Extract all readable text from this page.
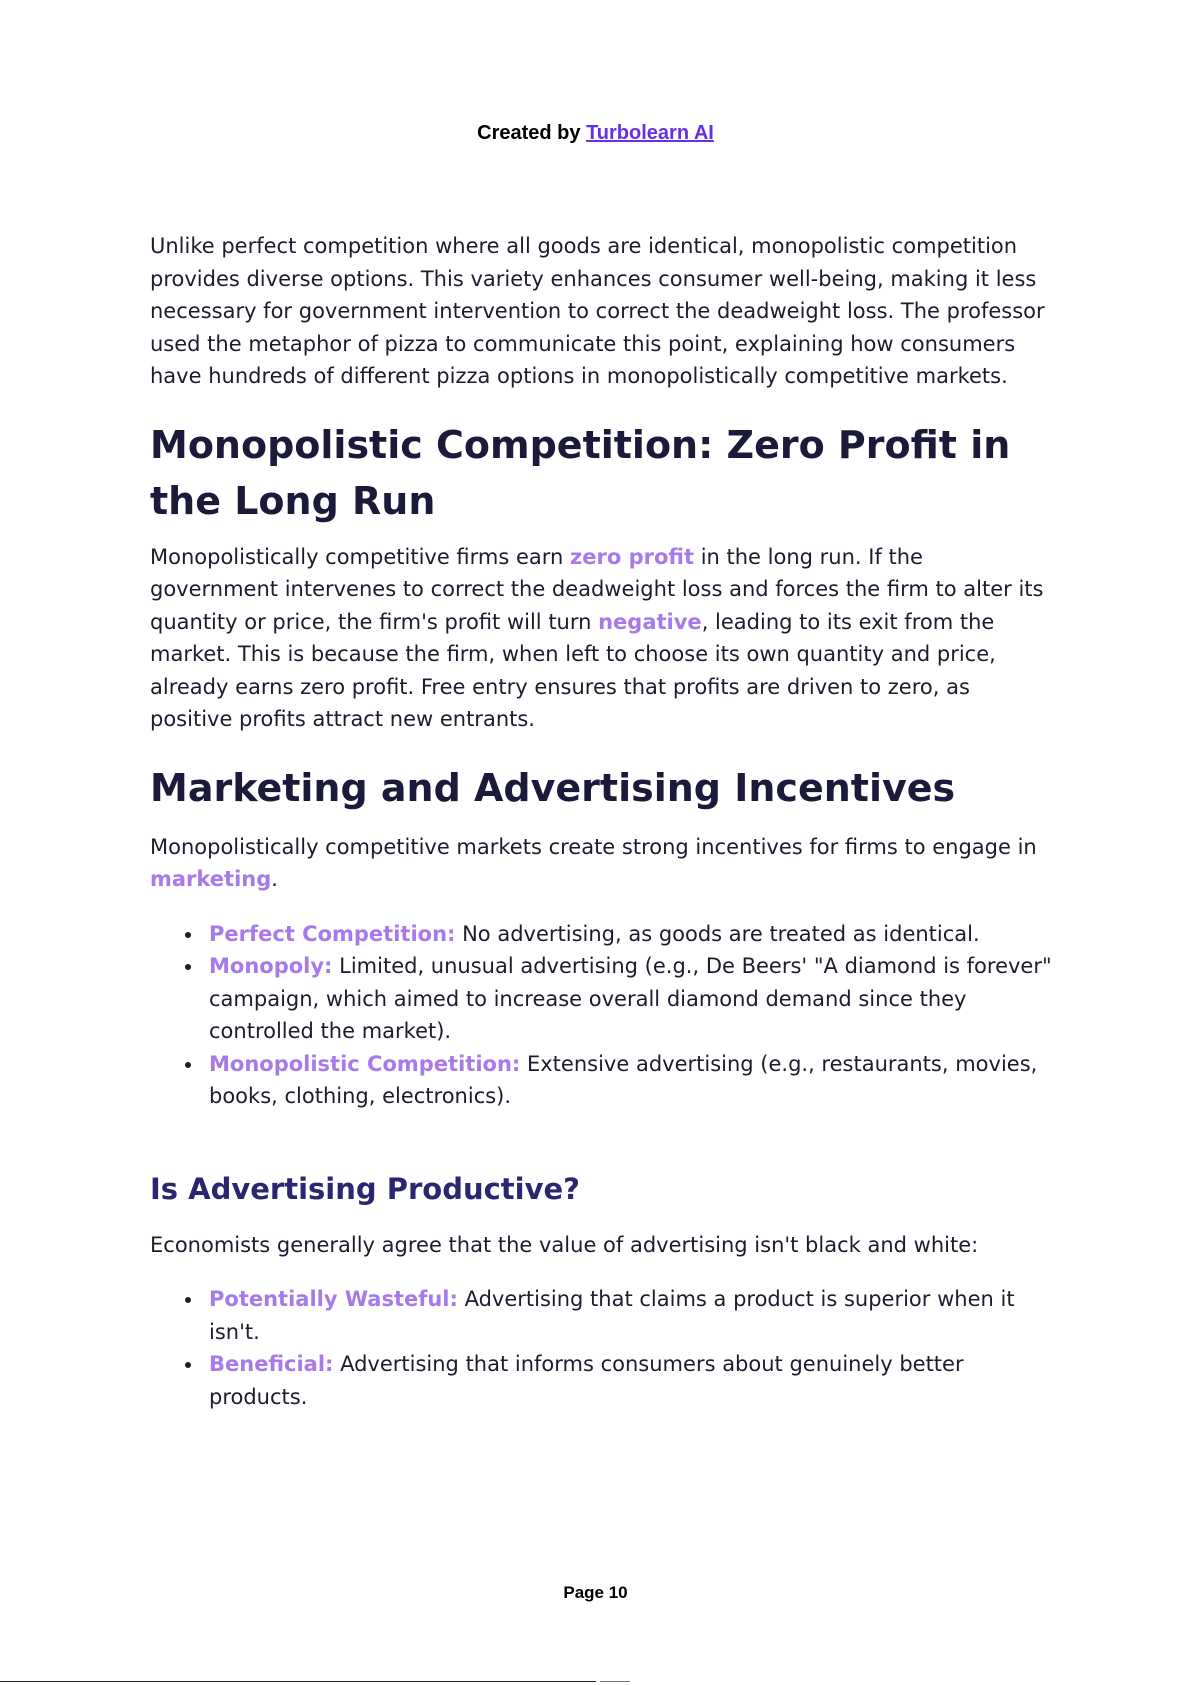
Created by Turbolearn AI

Unlike perfect competition where all goods are identical, monopolistic competition provides diverse options. This variety enhances consumer well-being, making it less necessary for government intervention to correct the deadweight loss. The professor used the metaphor of pizza to communicate this point, explaining how consumers have hundreds of different pizza options in monopolistically competitive markets.

Monopolistic Competition: Zero Profit in the Long Run

Monopolistically competitive firms earn zero profit in the long run. If the government intervenes to correct the deadweight loss and forces the firm to alter its quantity or price, the firm's profit will turn negative, leading to its exit from the market. This is because the firm, when left to choose its own quantity and price, already earns zero profit. Free entry ensures that profits are driven to zero, as positive profits attract new entrants.

Marketing and Advertising Incentives

Monopolistically competitive markets create strong incentives for firms to engage in marketing.

Perfect Competition: No advertising, as goods are treated as identical.
Monopoly: Limited, unusual advertising (e.g., De Beers' "A diamond is forever" campaign, which aimed to increase overall diamond demand since they controlled the market).
Monopolistic Competition: Extensive advertising (e.g., restaurants, movies, books, clothing, electronics).
Is Advertising Productive?

Economists generally agree that the value of advertising isn't black and white:

Potentially Wasteful: Advertising that claims a product is superior when it isn't.
Beneficial: Advertising that informs consumers about genuinely better products.
Page 10
